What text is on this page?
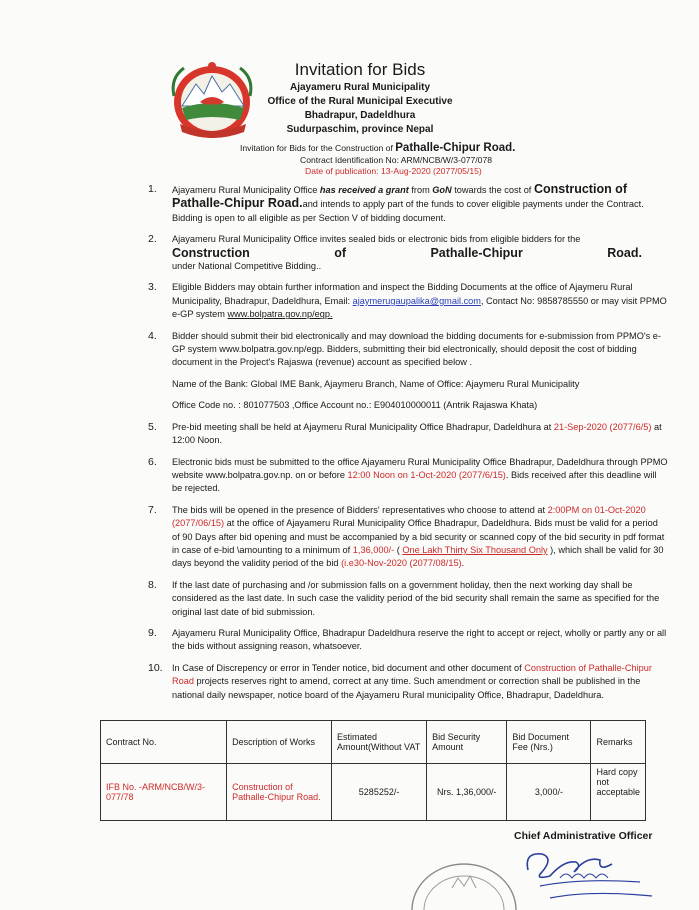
Invitation for Bids
Ajayameru Rural Municipality
Office of the Rural Municipal Executive
Bhadrapur, Dadeldhura
Sudurpaschim, province Nepal
Invitation for Bids for the Construction of Pathalle-Chipur Road.
Contract Identification No: ARM/NCB/W/3-077/078
Date of publication: 13-Aug-2020 (2077/05/15)
1. Ajayameru Rural Municipality Office has received a grant from GoN towards the cost of Construction of Pathalle-Chipur Road.and intends to apply part of the funds to cover eligible payments under the Contract. Bidding is open to all eligible as per Section V of bidding document.
2. Ajayameru Rural Municipality Office invites sealed bids or electronic bids from eligible bidders for the
Construction	of	Pathalle-Chipur	Road.
under National Competitive Bidding..
3. Eligible Bidders may obtain further information and inspect the Bidding Documents at the office of Ajaymeru Rural Municipality, Bhadrapur, Dadeldhura, Email: ajaymerugaupalika@gmail.com, Contact No: 9858785550 or may visit PPMO e-GP system www.bolpatra.gov.np/egp.
4. Bidder should submit their bid electronically and may download the bidding documents for e-submission from PPMO's e-GP system www.bolpatra.gov.np/egp. Bidders, submitting their bid electronically, should deposit the cost of bidding document in the Project's Rajaswa (revenue) account as specified below .
Name of the Bank: Global IME Bank, Ajaymeru Branch, Name of Office: Ajaymeru Rural Municipality
Office Code no. : 801077503 ,Office Account no.: E904010000011 (Antrik Rajaswa Khata)
5. Pre-bid meeting shall be held at Ajaymeru Rural Municipality Office Bhadrapur, Dadeldhura at 21-Sep-2020 (2077/6/5) at 12:00 Noon.
6. Electronic bids must be submitted to the office Ajayameru Rural Municipality Office Bhadrapur, Dadeldhura through PPMO website www.bolpatra.gov.np. on or before 12:00 Noon on 1-Oct-2020 (2077/6/15). Bids received after this deadline will be rejected.
7. The bids will be opened in the presence of Bidders' representatives who choose to attend at 2:00PM on 01-Oct-2020 (2077/06/15) at the office of Ajayameru Rural Municipality Office Bhadrapur, Dadeldhura. Bids must be valid for a period of 90 Days after bid opening and must be accompanied by a bid security or scanned copy of the bid security in pdf format in case of e-bid \amounting to a minimum of 1,36,000/- ( One Lakh Thirty Six Thousand Only ), which shall be valid for 30 days beyond the validity period of the bid (i.e30-Nov-2020 (2077/08/15).
8. If the last date of purchasing and /or submission falls on a government holiday, then the next working day shall be considered as the last date. In such case the validity period of the bid security shall remain the same as specified for the original last date of bid submission.
9. Ajayameru Rural Municipality Office, Bhadrapur Dadeldhura reserve the right to accept or reject, wholly or partly any or all the bids without assigning reason, whatsoever.
10. In Case of Discrepency or error in Tender notice, bid document and other document of Construction of Pathalle-Chipur Road projects reserves right to amend, correct at any time. Such amendment or correction shall be published in the national daily newspaper, notice board of the Ajayameru Rural municipality Office, Bhadrapur, Dadeldhura.
Contract No.	Description of Works	Estimated Amount(Without VAT	Bid Security Amount	Bid Document Fee (Nrs.)	Remarks
IFB No. -ARM/NCB/W/3-077/78	Construction of Pathalle-Chipur Road.	5285252/-	Nrs. 1,36,000/-	3,000/-	Hard copy not acceptable
Chief Administrative Officer
